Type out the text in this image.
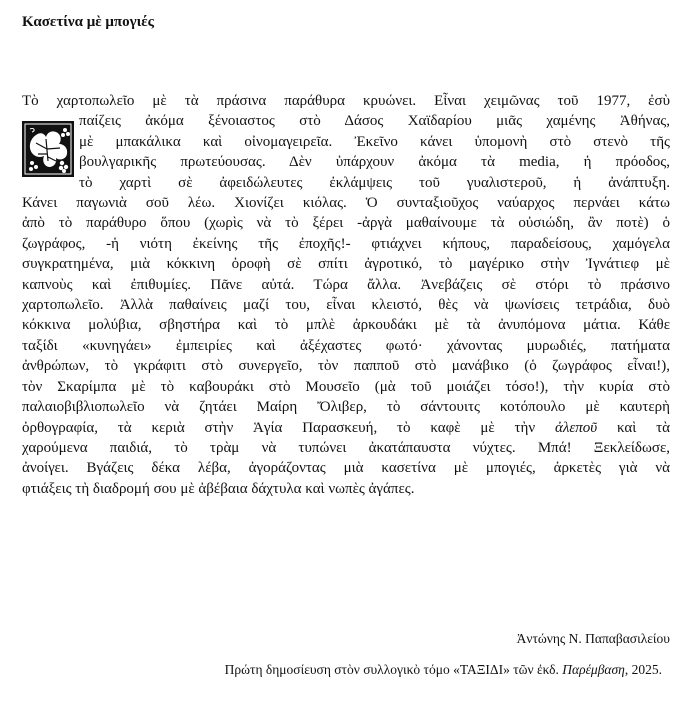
Κασετίνα μὲ μπογιές
Τὸ χαρτοπωλεῖο μὲ τὰ πράσινα παράθυρα κρυώνει. Εἶναι χειμῶνας τοῦ 1977, ἐσὺ
παίζεις ἀκόμα ξένοιαστος στὸ Δάσος Χαϊδαρίου μιᾶς χαμένης Ἀθήνας,
μὲ μπακάλικα καὶ οἰνομαγειρεῖα. Ἐκεῖνο κάνει ὑπομονὴ στὸ στενὸ τῆς
βουλγαρικῆς πρωτεύουσας. Δὲν ὑπάρχουν ἀκόμα τὰ media, ἡ πρόοδος,
τὸ χαρτὶ σὲ ἀφειδώλευτες ἐκλάμψεις τοῦ γυαλιστεροῦ, ἡ ἀνάπτυξη.
Κάνει παγωνιὰ σοῦ λέω. Χιονίζει κιόλας. Ὁ συνταξιοῦχος ναύαρχος περνάει κάτω
ἀπὸ τὸ παράθυρο ὅπου (χωρὶς νὰ τὸ ξέρει -ἀργὰ μαθαίνουμε τὰ οὐσιώδη, ἂν ποτὲ) ὁ
ζωγράφος, -ἡ νιότη ἐκείνης τῆς ἐποχῆς!- φτιάχνει κήπους, παραδείσους, χαμόγελα
συγκρατημένα, μιὰ κόκκινη ὀροφὴ σὲ σπίτι ἀγροτικό, τὸ μαγέρικο στὴν Ἰγνάτιεφ μὲ
καπνοὺς καὶ ἐπιθυμίες. Πᾶνε αὐτά. Τώρα ἄλλα. Ἀνεβάζεις σὲ στόρι τὸ πράσινο
χαρτοπωλεῖο. Ἀλλὰ παθαίνεις μαζί του, εἶναι κλειστό, θὲς νὰ ψωνίσεις τετράδια, δυὸ
κόκκινα μολύβια, σβηστήρα καὶ τὸ μπλὲ ἀρκουδάκι μὲ τὰ ἀνυπόμονα μάτια. Κάθε
ταξίδι «κυνηγάει» ἐμπειρίες καὶ ἀξέχαστες φωτό· χάνοντας μυρωδιές, πατήματα
ἀνθρώπων, τὸ γκράφιτι στὸ συνεργεῖο, τὸν παπποῦ στὸ μανάβικο (ὁ ζωγράφος εἶναι!),
τὸν Σκαρίμπα μὲ τὸ καβουράκι στὸ Μουσεῖο (μὰ τοῦ μοιάζει τόσο!), τὴν κυρία στὸ
παλαιοβιβλιοπωλεῖο νὰ ζητάει Μαίρη Ὄλιβερ, τὸ σάντουιτς κοτόπουλο μὲ καυτερὴ
ὀρθογραφία, τὰ κεριὰ στὴν Ἁγία Παρασκευή, τὸ καφὲ μὲ τὴν ἀλεποῦ καὶ τὰ
χαρούμενα παιδιά, τὸ τρὰμ νὰ τυπώνει ἀκατάπαυστα νύχτες. Μπά! Ξεκλείδωσε,
ἀνοίγει. Βγάζεις δέκα λέβα, ἀγοράζοντας μιὰ κασετίνα μὲ μπογιές, ἀρκετὲς γιὰ νὰ
φτιάξεις τὴ διαδρομή σου μὲ ἀβέβαια δάχτυλα καὶ νωπὲς ἀγάπες.
Ἀντώνης Ν. Παπαβασιλείου
Πρώτη δημοσίευση στὸν συλλογικὸ τόμο «ΤΑΞΙΔΙ» τῶν ἐκδ. Παρέμβαση, 2025.
